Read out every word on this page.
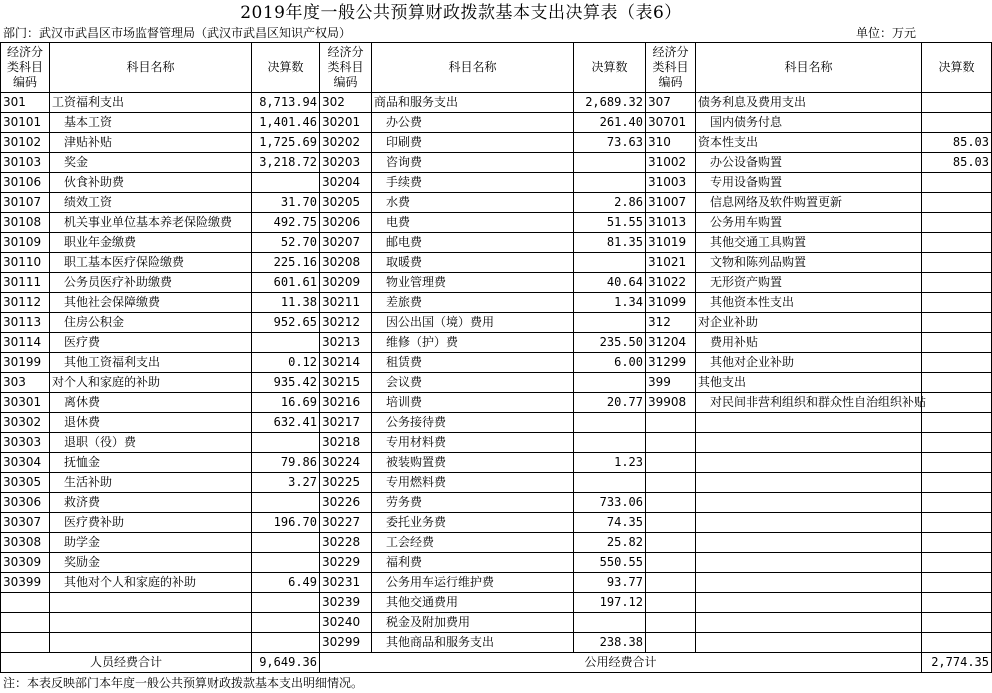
2019年度一般公共预算财政拨款基本支出决算表（表6）
部门：武汉市武昌区市场监督管理局（武汉市武昌区知识产权局）	单位：万元
经济分类科目编码	科目名称	决算数	经济分类科目编码	科目名称	决算数	经济分类科目编码	科目名称	决算数
301	工资福利支出	8,713.94	302	商品和服务支出	2,689.32	307	债务利息及费用支出	
30101	基本工资	1,401.46	30201	办公费	261.40	30701	国内债务付息	
30102	津贴补贴	1,725.69	30202	印刷费	73.63	310	资本性支出	85.03
30103	奖金	3,218.72	30203	咨询费		31002	办公设备购置	85.03
30106	伙食补助费		30204	手续费		31003	专用设备购置	
30107	绩效工资	31.70	30205	水费	2.86	31007	信息网络及软件购置更新	
30108	机关事业单位基本养老保险缴费	492.75	30206	电费	51.55	31013	公务用车购置	
30109	职业年金缴费	52.70	30207	邮电费	81.35	31019	其他交通工具购置	
30110	职工基本医疗保险缴费	225.16	30208	取暖费		31021	文物和陈列品购置	
30111	公务员医疗补助缴费	601.61	30209	物业管理费	40.64	31022	无形资产购置	
30112	其他社会保障缴费	11.38	30211	差旅费	1.34	31099	其他资本性支出	
30113	住房公积金	952.65	30212	因公出国（境）费用		312	对企业补助	
30114	医疗费		30213	维修（护）费	235.50	31204	费用补贴	
30199	其他工资福利支出	0.12	30214	租赁费	6.00	31299	其他对企业补助	
303	对个人和家庭的补助	935.42	30215	会议费		399	其他支出	
30301	离休费	16.69	30216	培训费	20.77	39908	对民间非营利组织和群众性自治组织补贴	
30302	退休费	632.41	30217	公务接待费				
30303	退职（役）费		30218	专用材料费				
30304	抚恤金	79.86	30224	被装购置费	1.23			
30305	生活补助	3.27	30225	专用燃料费				
30306	救济费		30226	劳务费	733.06			
30307	医疗费补助	196.70	30227	委托业务费	74.35			
30308	助学金		30228	工会经费	25.82			
30309	奖励金		30229	福利费	550.55			
30399	其他对个人和家庭的补助	6.49	30231	公务用车运行维护费	93.77			
			30239	其他交通费用	197.12			
			30240	税金及附加费用				
			30299	其他商品和服务支出	238.38			
人员经费合计		9,649.36	公用经费合计					2,774.35
注：本表反映部门本年度一般公共预算财政拨款基本支出明细情况。
